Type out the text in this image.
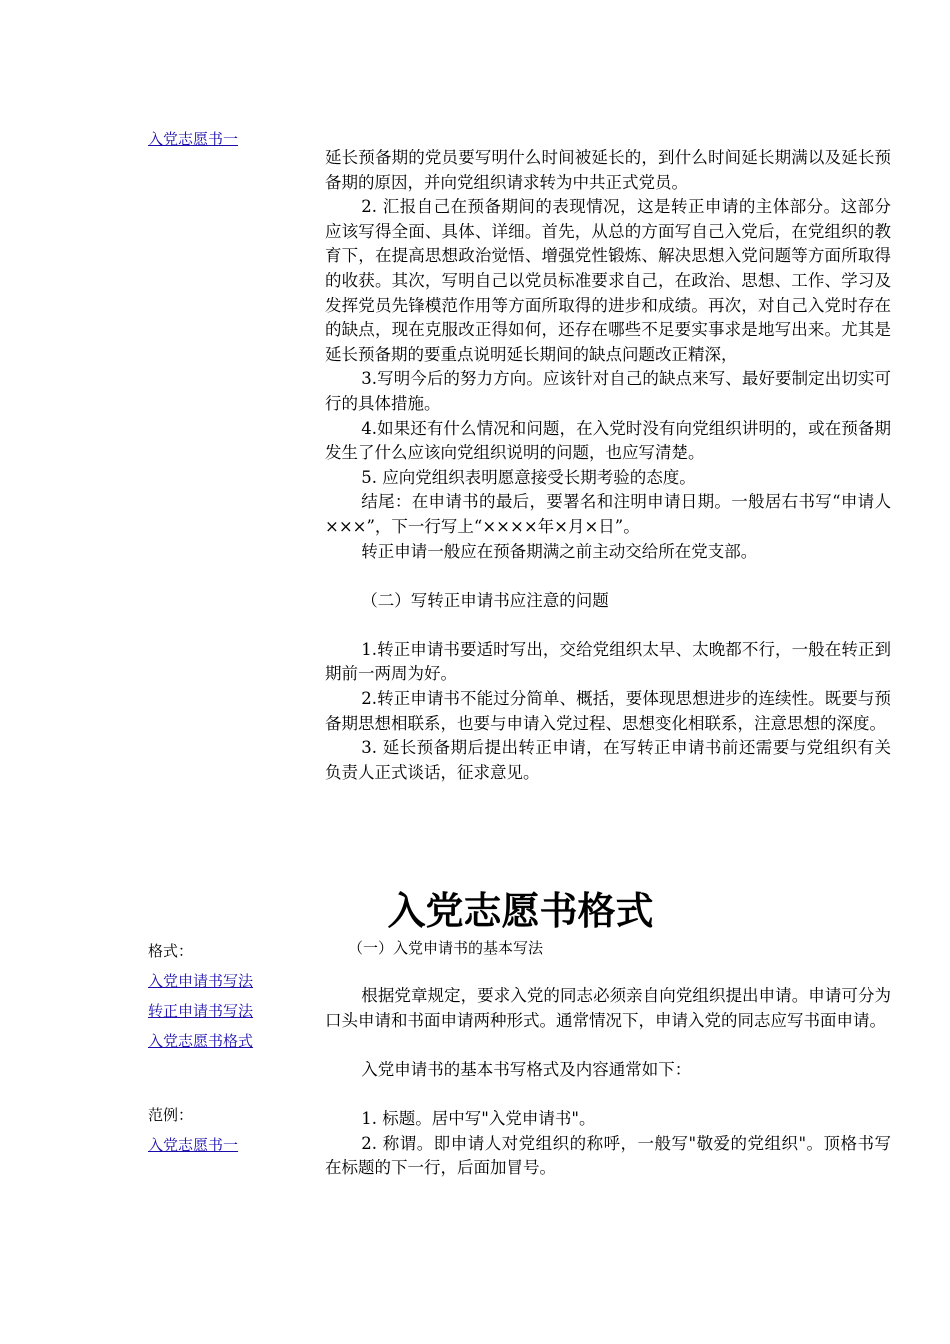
入党志愿书一

延长预备期的党员要写明什么时间被延长的，到什么时间延长期满以及延长预备期的原因，并向党组织请求转为中共正式党员。

2. 汇报自己在预备期间的表现情况，这是转正申请的主体部分。这部分应该写得全面、具体、详细。首先，从总的方面写自己入党后，在党组织的教育下，在提高思想政治觉悟、增强党性锻炼、解决思想入党问题等方面所取得的收获。其次，写明自己以党员标准要求自己，在政治、思想、工作、学习及发挥党员先锋模范作用等方面所取得的进步和成绩。再次，对自己入党时存在的缺点，现在克服改正得如何，还存在哪些不足要实事求是地写出来。尤其是延长预备期的要重点说明延长期间的缺点问题改正精深，

3.写明今后的努力方向。应该针对自己的缺点来写、最好要制定出切实可行的具体措施。

4.如果还有什么情况和问题，在入党时没有向党组织讲明的，或在预备期发生了什么应该向党组织说明的问题，也应写清楚。

5. 应向党组织表明愿意接受长期考验的态度。

结尾：在申请书的最后，要署名和注明申请日期。一般居右书写“申请人 ×××”，下一行写上“××××年×月×日”。

转正申请一般应在预备期满之前主动交给所在党支部。

（二）写转正申请书应注意的问题

1.转正申请书要适时写出，交给党组织太早、太晚都不行，一般在转正到期前一两周为好。

2.转正申请书不能过分简单、概括，要体现思想进步的连续性。既要与预备期思想相联系，也要与申请入党过程、思想变化相联系，注意思想的深度。

3. 延长预备期后提出转正申请，在写转正申请书前还需要与党组织有关负责人正式谈话，征求意见。

入党志愿书格式
格式：
入党申请书写法
转正申请书写法
入党志愿书格式
范例：
入党志愿书一
（一）入党申请书的基本写法

根据党章规定，要求入党的同志必须亲自向党组织提出申请。申请可分为口头申请和书面申请两种形式。通常情况下，申请入党的同志应写书面申请。

入党申请书的基本书写格式及内容通常如下：

1. 标题。居中写"入党申请书"。

2. 称谓。即申请人对党组织的称呼，一般写"敬爱的党组织"。顶格书写在标题的下一行，后面加冒号。
